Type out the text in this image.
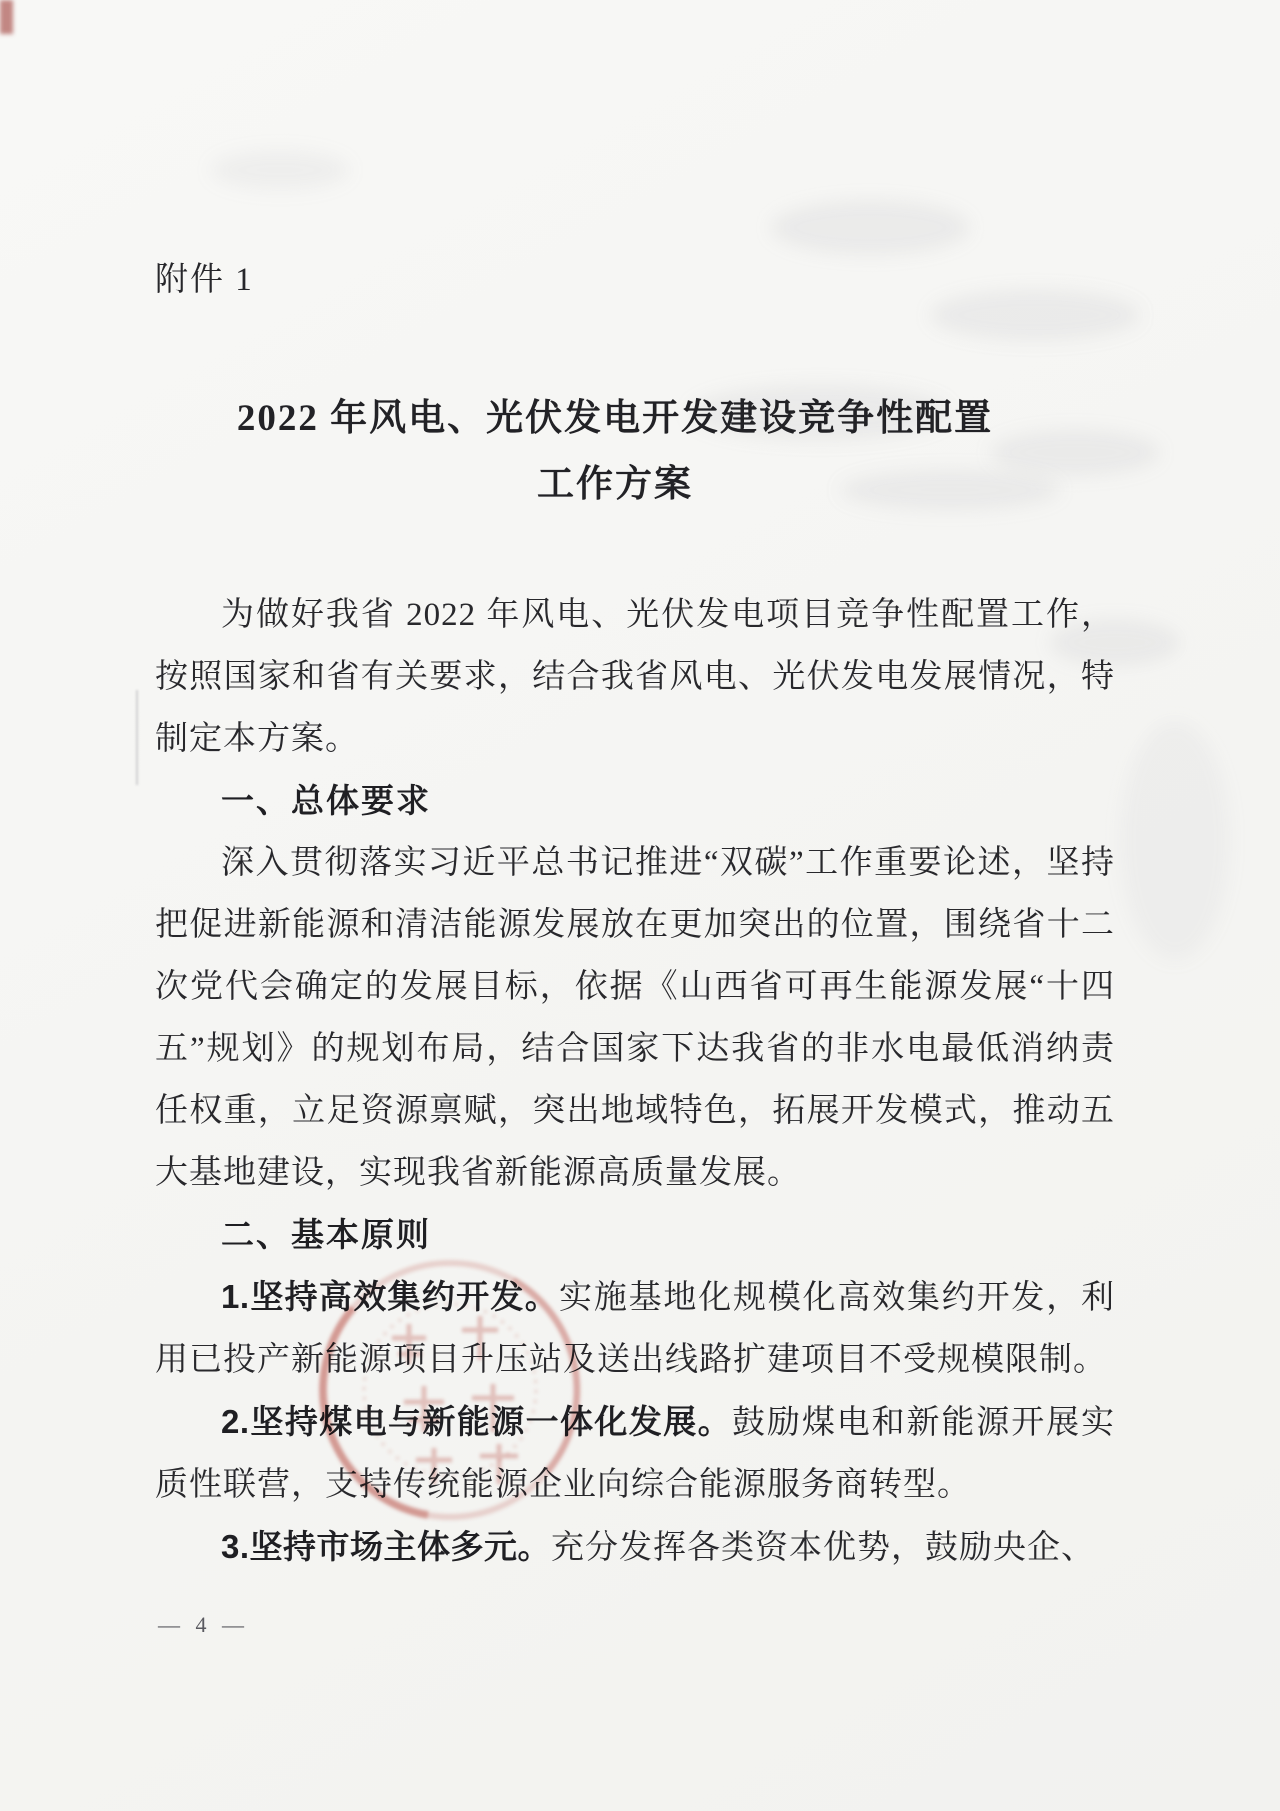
附件 1
2022 年风电、光伏发电开发建设竞争性配置
工作方案

为做好我省 2022 年风电、光伏发电项目竞争性配置工作，按照国家和省有关要求，结合我省风电、光伏发电发展情况，特制定本方案。

一、总体要求

深入贯彻落实习近平总书记推进“双碳”工作重要论述，坚持把促进新能源和清洁能源发展放在更加突出的位置，围绕省十二次党代会确定的发展目标，依据《山西省可再生能源发展“十四五”规划》的规划布局，结合国家下达我省的非水电最低消纳责任权重，立足资源禀赋，突出地域特色，拓展开发模式，推动五大基地建设，实现我省新能源高质量发展。

二、基本原则

1.坚持高效集约开发。实施基地化规模化高效集约开发，利用已投产新能源项目升压站及送出线路扩建项目不受规模限制。

2.坚持煤电与新能源一体化发展。鼓励煤电和新能源开展实质性联营，支持传统能源企业向综合能源服务商转型。

3.坚持市场主体多元。充分发挥各类资本优势，鼓励央企、

— 4 —
